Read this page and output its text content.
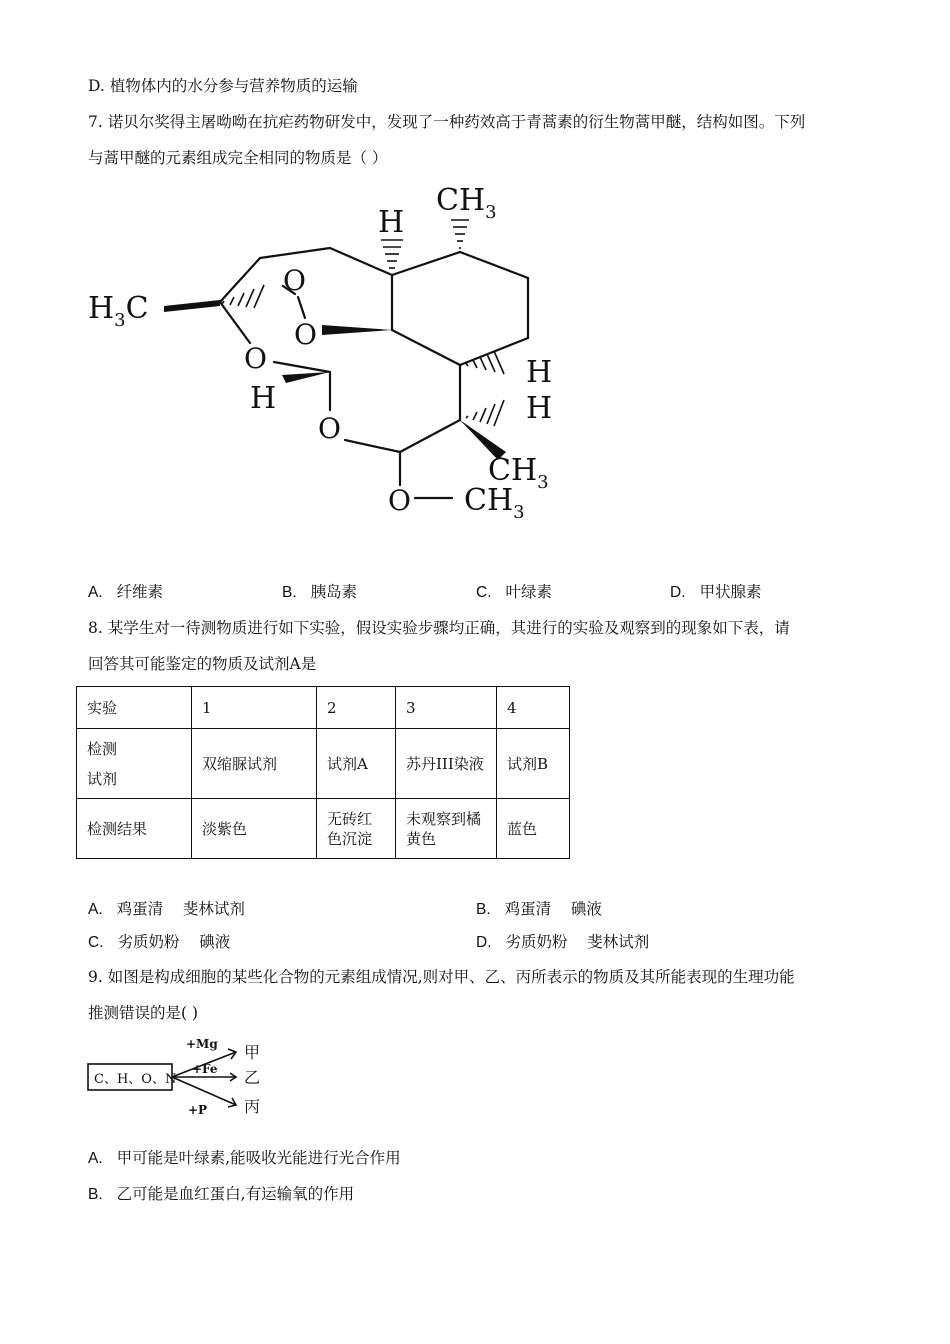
D. 植物体内的水分参与营养物质的运输
7. 诺贝尔奖得主屠呦呦在抗疟药物研发中，发现了一种药效高于青蒿素的衍生物蒿甲醚，结构如图。下列
与蒿甲醚的元素组成完全相同的物质是（ ）
$CH_3$
H
$H_3C$
O
O
O
H
H
H
O
$CH_3$
O $CH_3$
A. 纤维素	B. 胰岛素	C. 叶绿素	D. 甲状腺素
8. 某学生对一待测物质进行如下实验，假设实验步骤均正确，其进行的实验及观察到的现象如下表，请
回答其可能鉴定的物质及试剂A是
实验	1	2	3	4

检测
试剂	双缩脲试剂	试剂A	苏丹III染液	试剂B
检测结果	淡紫色	无砖红色沉淀	未观察到橘黄色	蓝色
A. 鸡蛋清    斐林试剂	B. 鸡蛋清    碘液
C. 劣质奶粉    碘液	D. 劣质奶粉    斐林试剂
9. 如图是构成细胞的某些化合物的元素组成情况,则对甲、乙、丙所表示的物质及其所能表现的生理功能
推测错误的是( )
C、H、O、N
+Mg
+Fe
+P
甲
乙
丙
A. 甲可能是叶绿素,能吸收光能进行光合作用
B. 乙可能是血红蛋白,有运输氧的作用
